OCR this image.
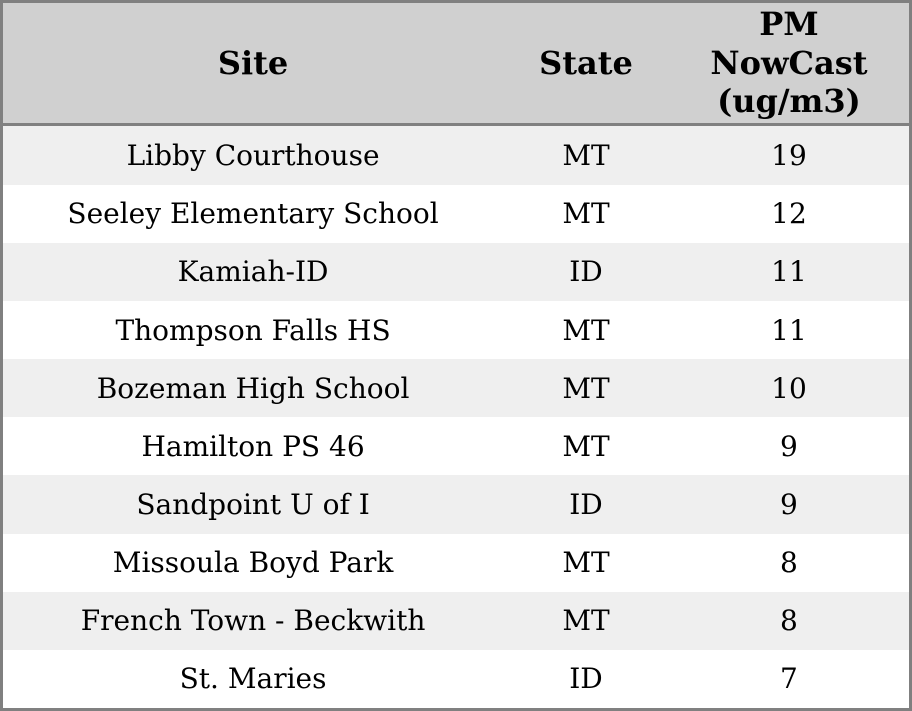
Site	State	PM
NowCast
(ug/m3)

Libby Courthouse	MT	19
Seeley Elementary School	MT	12
Kamiah-ID	ID	11
Thompson Falls HS	MT	11
Bozeman High School	MT	10
Hamilton PS 46	MT	9
Sandpoint U of I	ID	9
Missoula Boyd Park	MT	8
French Town - Beckwith	MT	8
St. Maries	ID	7
